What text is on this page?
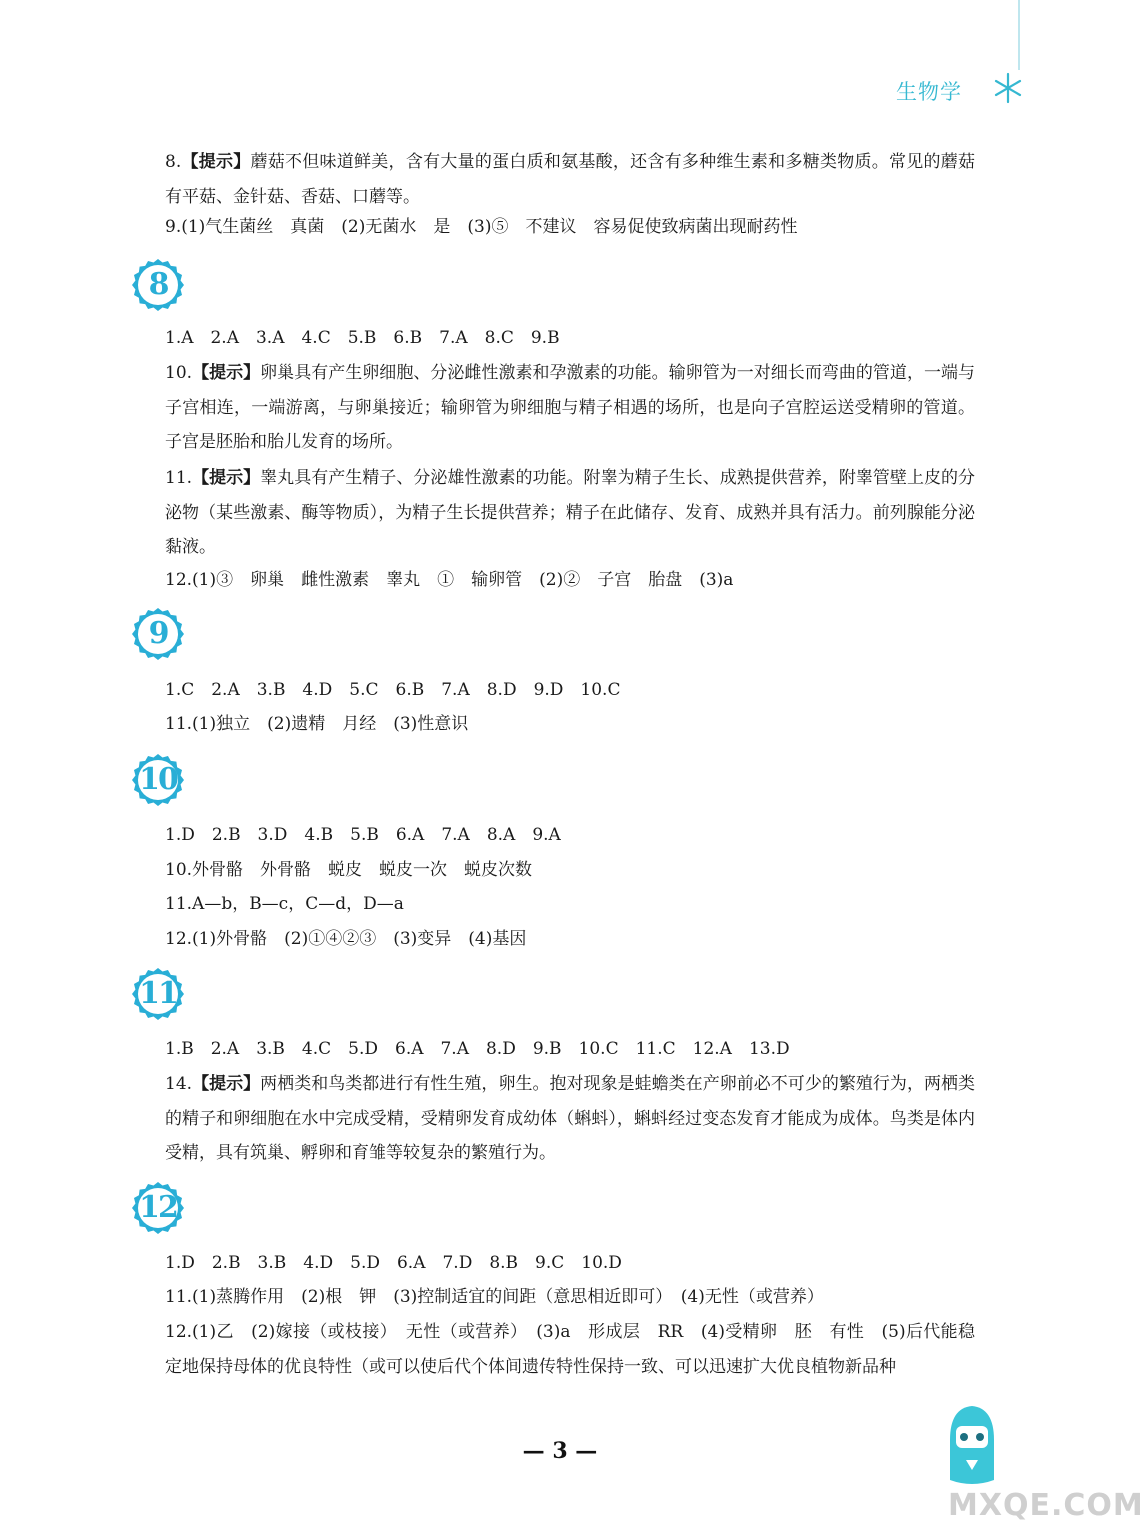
生物学
8.【提示】蘑菇不但味道鲜美，含有大量的蛋白质和氨基酸，还含有多种维生素和多糖类物质。常见的蘑菇有平菇、金针菇、香菇、口蘑等。
9.(1)气生菌丝　真菌　(2)无菌水　是　(3)⑤　不建议　容易促使致病菌出现耐药性
8
1.A　2.A　3.A　4.C　5.B　6.B　7.A　8.C　9.B
10.【提示】卵巢具有产生卵细胞、分泌雌性激素和孕激素的功能。输卵管为一对细长而弯曲的管道，一端与子宫相连，一端游离，与卵巢接近；输卵管为卵细胞与精子相遇的场所，也是向子宫腔运送受精卵的管道。子宫是胚胎和胎儿发育的场所。
11.【提示】睾丸具有产生精子、分泌雄性激素的功能。附睾为精子生长、成熟提供营养，附睾管壁上皮的分泌物（某些激素、酶等物质），为精子生长提供营养；精子在此储存、发育、成熟并具有活力。前列腺能分泌黏液。
12.(1)③　卵巢　雌性激素　睾丸　①　输卵管　(2)②　子宫　胎盘　(3)a
9
1.C　2.A　3.B　4.D　5.C　6.B　7.A　8.D　9.D　10.C
11.(1)独立　(2)遗精　月经　(3)性意识
10
1.D　2.B　3.D　4.B　5.B　6.A　7.A　8.A　9.A
10.外骨骼　外骨骼　蜕皮　蜕皮一次　蜕皮次数
11.A—b，B—c，C—d，D—a
12.(1)外骨骼　(2)①④②③　(3)变异　(4)基因
11
1.B　2.A　3.B　4.C　5.D　6.A　7.A　8.D　9.B　10.C　11.C　12.A　13.D
14.【提示】两栖类和鸟类都进行有性生殖，卵生。抱对现象是蛙蟾类在产卵前必不可少的繁殖行为，两栖类的精子和卵细胞在水中完成受精，受精卵发育成幼体（蝌蚪），蝌蚪经过变态发育才能成为成体。鸟类是体内受精，具有筑巢、孵卵和育雏等较复杂的繁殖行为。
12
1.D　2.B　3.B　4.D　5.D　6.A　7.D　8.B　9.C　10.D
11.(1)蒸腾作用　(2)根　钾　(3)控制适宜的间距（意思相近即可）　(4)无性（或营养）
12.(1)乙　(2)嫁接（或枝接）　无性（或营养）　(3)a　形成层　RR　(4)受精卵　胚　有性　(5)后代能稳定地保持母体的优良特性（或可以使后代个体间遗传特性保持一致、可以迅速扩大优良植物新品种
— 3 —
MXQE.COM
